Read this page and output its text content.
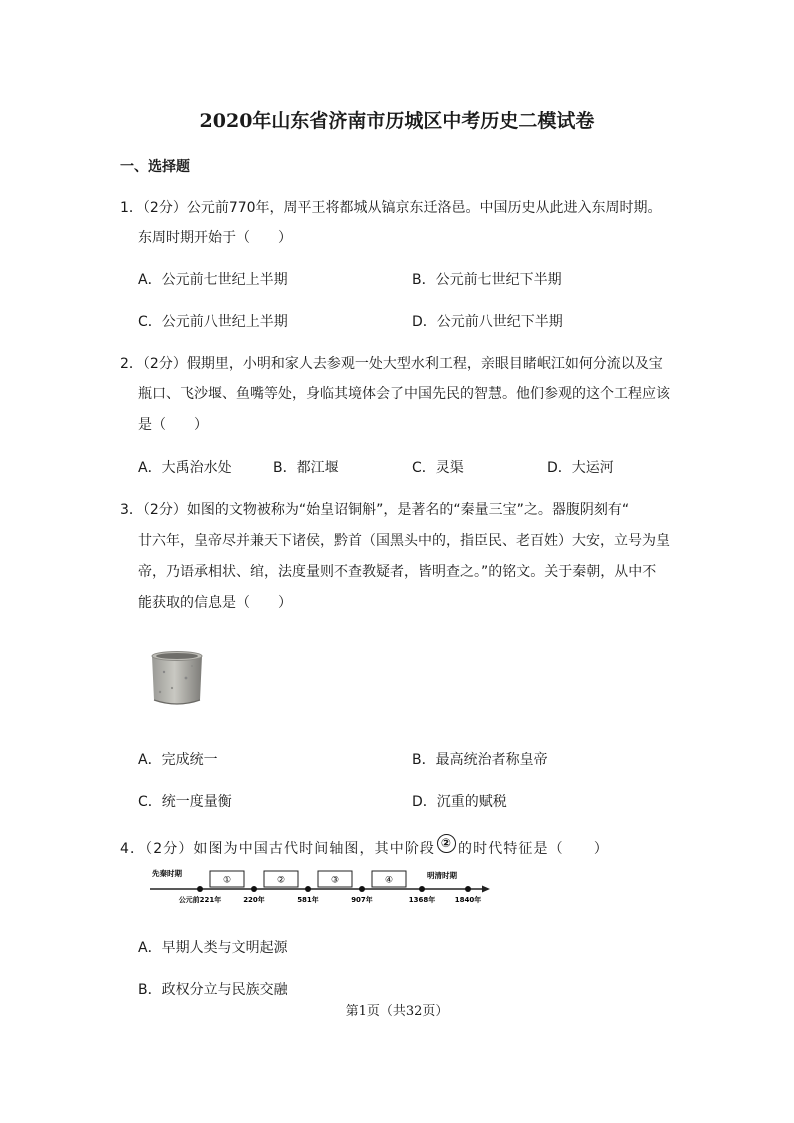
2020年山东省济南市历城区中考历史二模试卷
一、选择题
1．（2分）公元前770年，周平王将都城从镐京东迁洛邑。中国历史从此进入东周时期。
东周时期开始于（　　）
A．公元前七世纪上半期	B．公元前七世纪下半期
C．公元前八世纪上半期	D．公元前八世纪下半期
2．（2分）假期里，小明和家人去参观一处大型水利工程，亲眼目睹岷江如何分流以及宝
瓶口、飞沙堰、鱼嘴等处，身临其境体会了中国先民的智慧。他们参观的这个工程应该
是（　　）
A．大禹治水处	B．都江堰	C．灵渠	D．大运河
3．（2分）如图的文物被称为“始皇诏铜斛”，是著名的“秦量三宝”之。器腹阴刻有“
廿六年，皇帝尽并兼天下诸侯，黔首（国黑头中的，指臣民、老百姓）大安，立号为皇
帝，乃语承相状、绾，法度量则不查教疑者，皆明查之。”的铭文。关于秦朝，从中不
能获取的信息是（　　）
A．完成统一	B．最高统治者称皇帝
C．统一度量衡	D．沉重的赋税
4．（2分）如图为中国古代时间轴图，其中阶段 ② 的时代特征是（　　）
先秦时期	明清时期
①	②	③	④
公元前221年	220年	581年	907年	1368年	1840年
A．早期人类与文明起源
B．政权分立与民族交融
第1页（共32页）
